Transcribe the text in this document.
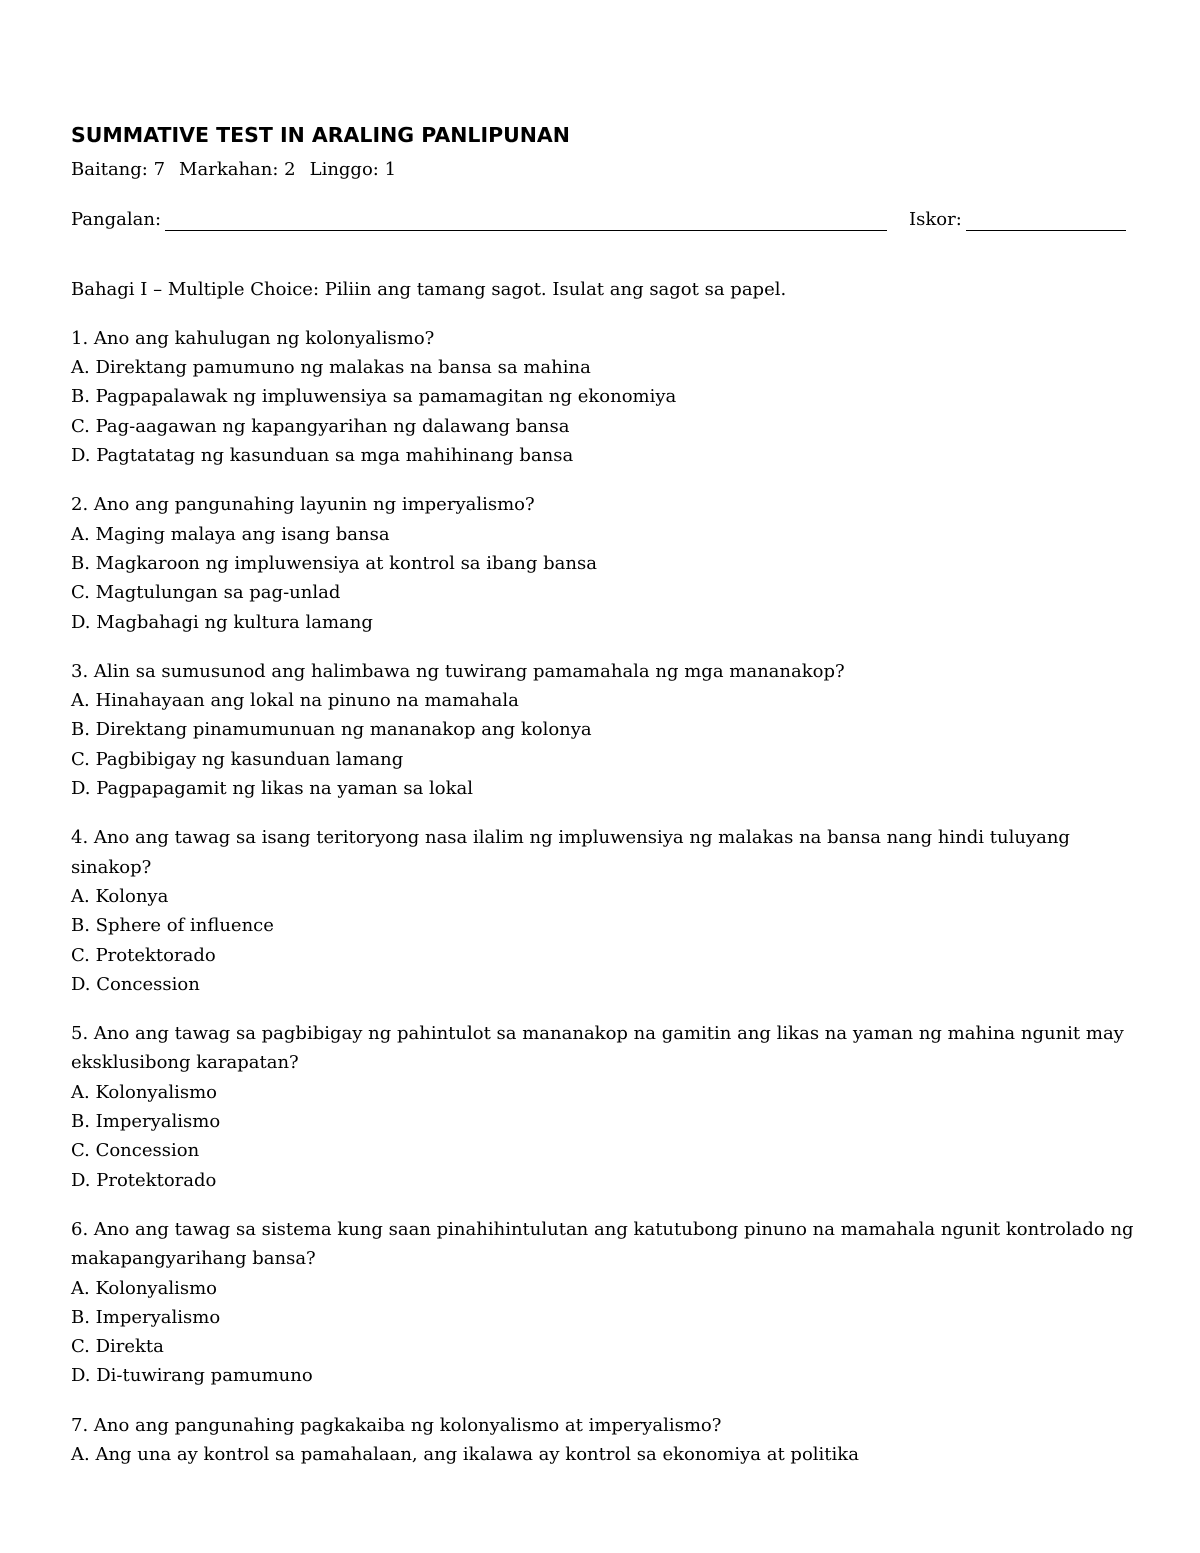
SUMMATIVE TEST IN ARALING PANLIPUNAN
Baitang: 7 Markahan: 2 Linggo: 1
Pangalan:	Iskor:
Bahagi I – Multiple Choice: Piliin ang tamang sagot. Isulat ang sagot sa papel.
1. Ano ang kahulugan ng kolonyalismo?
A. Direktang pamumuno ng malakas na bansa sa mahina
B. Pagpapalawak ng impluwensiya sa pamamagitan ng ekonomiya
C. Pag-aagawan ng kapangyarihan ng dalawang bansa
D. Pagtatatag ng kasunduan sa mga mahihinang bansa
2. Ano ang pangunahing layunin ng imperyalismo?
A. Maging malaya ang isang bansa
B. Magkaroon ng impluwensiya at kontrol sa ibang bansa
C. Magtulungan sa pag-unlad
D. Magbahagi ng kultura lamang
3. Alin sa sumusunod ang halimbawa ng tuwirang pamamahala ng mga mananakop?
A. Hinahayaan ang lokal na pinuno na mamahala
B. Direktang pinamumunuan ng mananakop ang kolonya
C. Pagbibigay ng kasunduan lamang
D. Pagpapagamit ng likas na yaman sa lokal
4. Ano ang tawag sa isang teritoryong nasa ilalim ng impluwensiya ng malakas na bansa nang hindi tuluyang sinakop?
A. Kolonya
B. Sphere of influence
C. Protektorado
D. Concession
5. Ano ang tawag sa pagbibigay ng pahintulot sa mananakop na gamitin ang likas na yaman ng mahina ngunit may eksklusibong karapatan?
A. Kolonyalismo
B. Imperyalismo
C. Concession
D. Protektorado
6. Ano ang tawag sa sistema kung saan pinahihintulutan ang katutubong pinuno na mamahala ngunit kontrolado ng makapangyarihang bansa?
A. Kolonyalismo
B. Imperyalismo
C. Direkta
D. Di-tuwirang pamumuno
7. Ano ang pangunahing pagkakaiba ng kolonyalismo at imperyalismo?
A. Ang una ay kontrol sa pamahalaan, ang ikalawa ay kontrol sa ekonomiya at politika
